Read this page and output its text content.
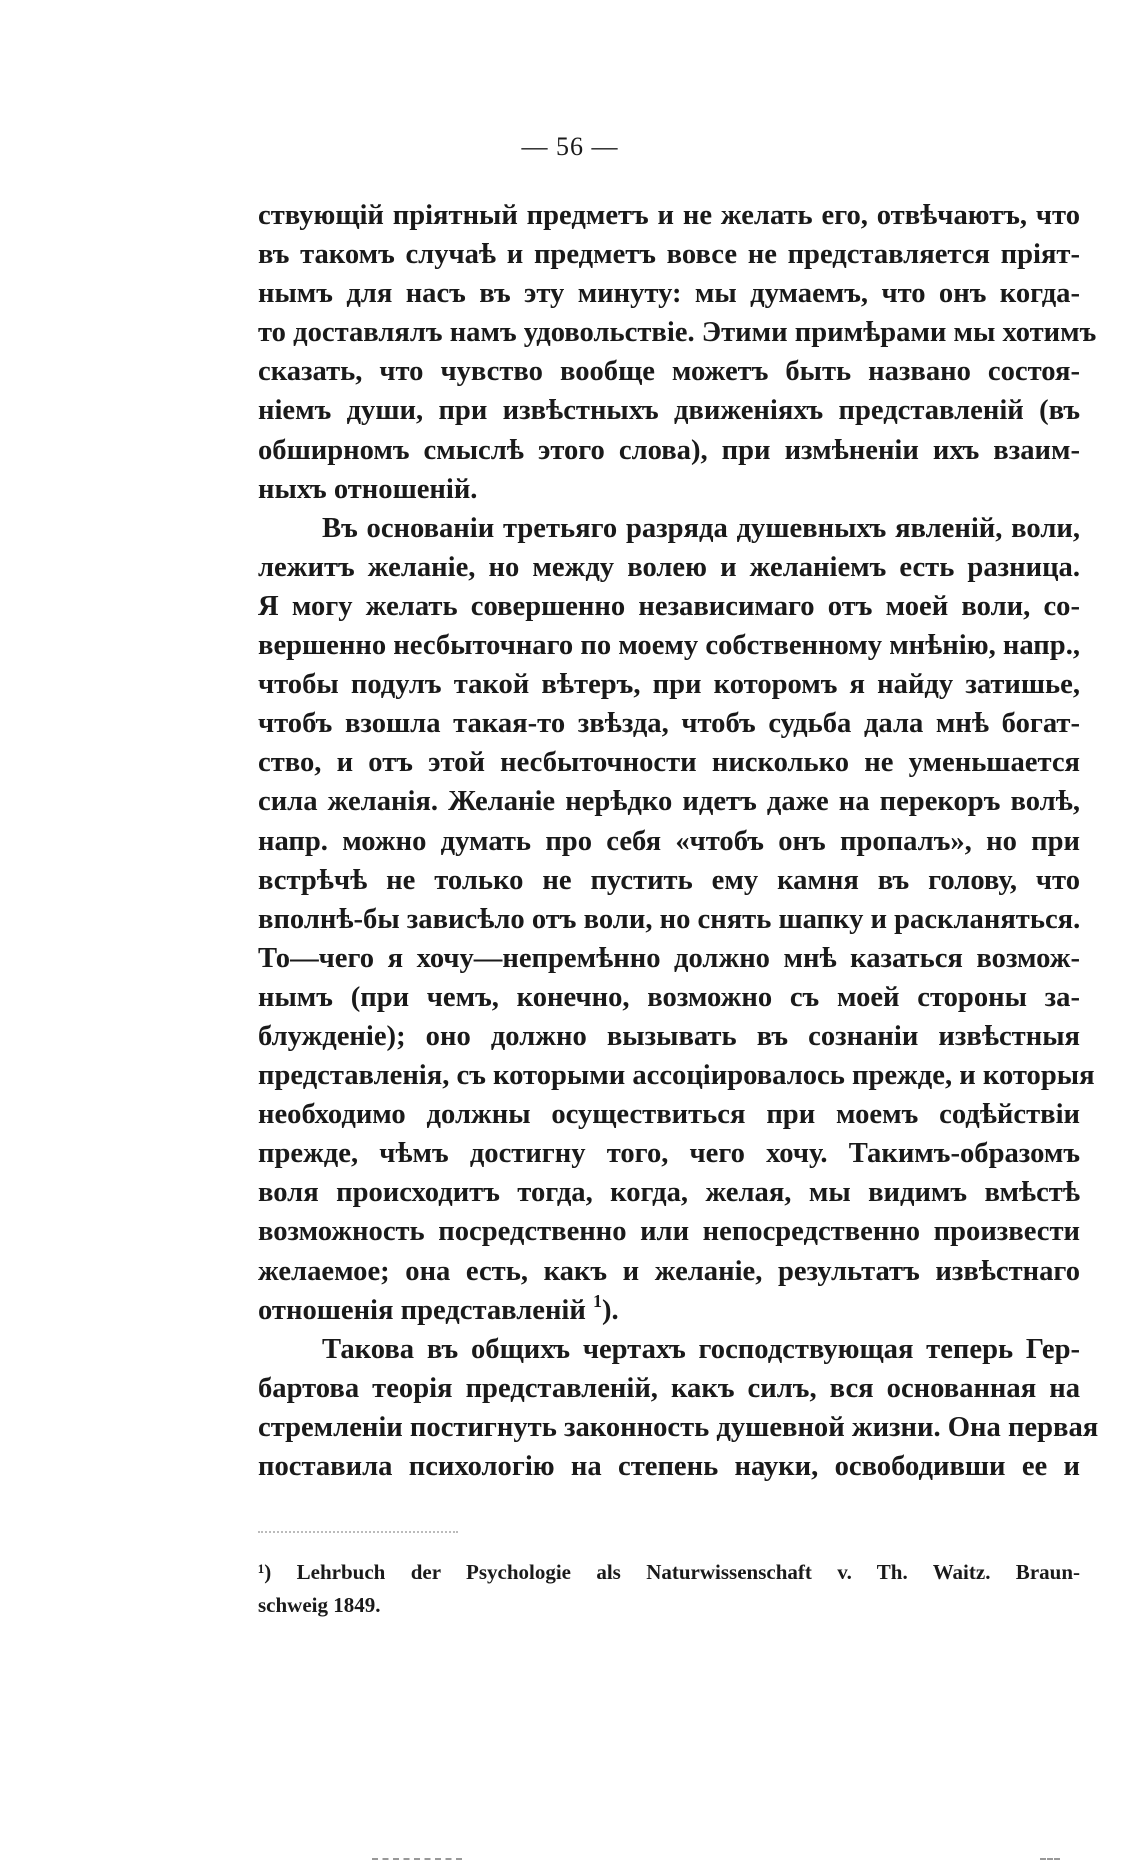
— 56 —
ствующій пріятный предметъ и не желать его, отвѣчаютъ, что
въ такомъ случаѣ и предметъ вовсе не представляется пріят-
нымъ для насъ въ эту минуту: мы думаемъ, что онъ когда-
то доставлялъ намъ удовольствіе. Этими примѣрами мы хотимъ
сказать, что чувство вообще можетъ быть названо состоя-
ніемъ души, при извѣстныхъ движеніяхъ представленій (въ
обширномъ смыслѣ этого слова), при измѣненіи ихъ взаим-
ныхъ отношеній.
Въ основаніи третьяго разряда душевныхъ явленій, воли,
лежитъ желаніе, но между волею и желаніемъ есть разница.
Я могу желать совершенно независимаго отъ моей воли, со-
вершенно несбыточнаго по моему собственному мнѣнію, напр.,
чтобы подулъ такой вѣтеръ, при которомъ я найду затишье,
чтобъ взошла такая-то звѣзда, чтобъ судьба дала мнѣ богат-
ство, и отъ этой несбыточности нисколько не уменьшается
сила желанія. Желаніе нерѣдко идетъ даже на перекоръ волѣ,
напр. можно думать про себя «чтобъ онъ пропалъ», но при
встрѣчѣ не только не пустить ему камня въ голову, что
вполнѣ-бы зависѣло отъ воли, но снять шапку и раскланяться.
То—чего я хочу—непремѣнно должно мнѣ казаться возмож-
нымъ (при чемъ, конечно, возможно съ моей стороны за-
блужденіе); оно должно вызывать въ сознаніи извѣстныя
представленія, съ которыми ассоціировалось прежде, и которыя
необходимо должны осуществиться при моемъ содѣйствіи
прежде, чѣмъ достигну того, чего хочу. Такимъ-образомъ
воля происходитъ тогда, когда, желая, мы видимъ вмѣстѣ
возможность посредственно или непосредственно произвести
желаемое; она есть, какъ и желаніе, результатъ извѣстнаго
отношенія представленій $^1$).
Такова въ общихъ чертахъ господствующая теперь Гер-
бартова теорія представленій, какъ силъ, вся основанная на
стремленіи постигнуть законность душевной жизни. Она первая
поставила психологію на степень науки, освободивши ее и
¹) Lehrbuch der Psychologie als Naturwissenschaft v. Th. Waitz. Braun-
schweig 1849.
